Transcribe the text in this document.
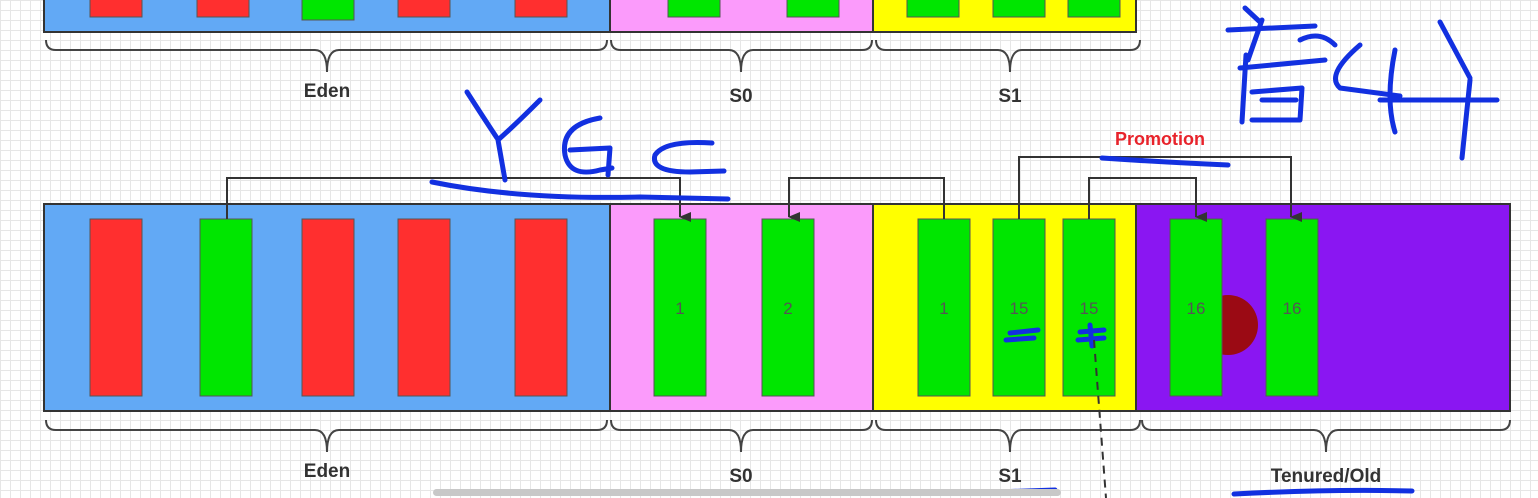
Eden	S0	S1
1	2	1	15	15	16	16
Promotion
Eden	S0	S1	Tenured/Old
